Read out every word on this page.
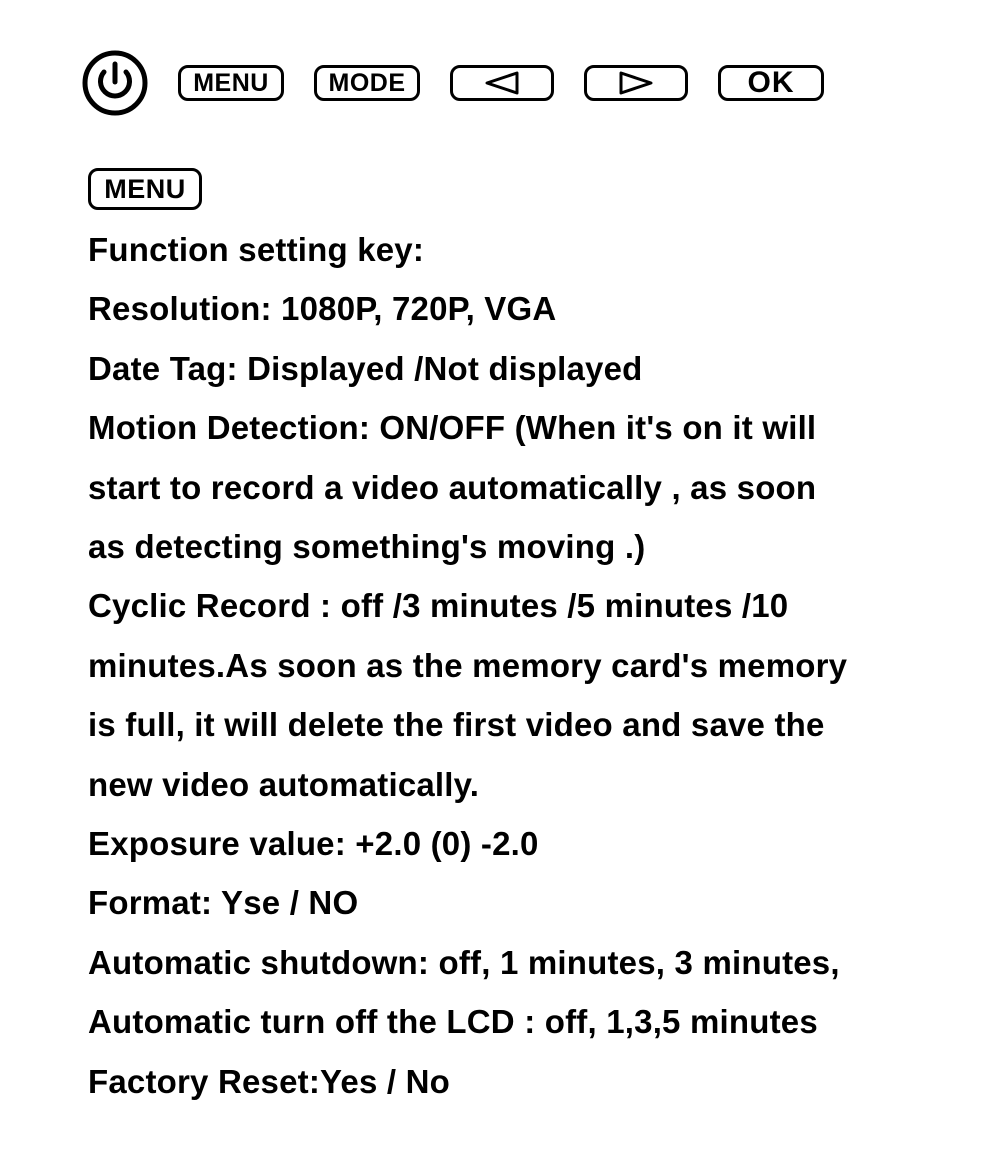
MENU MODE	OK
MENU
Function setting key:
Resolution: 1080P, 720P, VGA
Date Tag: Displayed /Not displayed
Motion Detection: ON/OFF (When it's on it will
start to record a video automatically , as soon
as detecting something's moving .)
Cyclic Record : off /3 minutes /5 minutes /10
minutes.As soon as the memory card's memory
is full, it will delete the first video and save the
new video automatically.
Exposure value: +2.0 (0) -2.0
Format: Yse / NO
Automatic shutdown: off, 1 minutes, 3 minutes,
Automatic turn off the LCD : off, 1,3,5 minutes
Factory Reset:Yes / No
